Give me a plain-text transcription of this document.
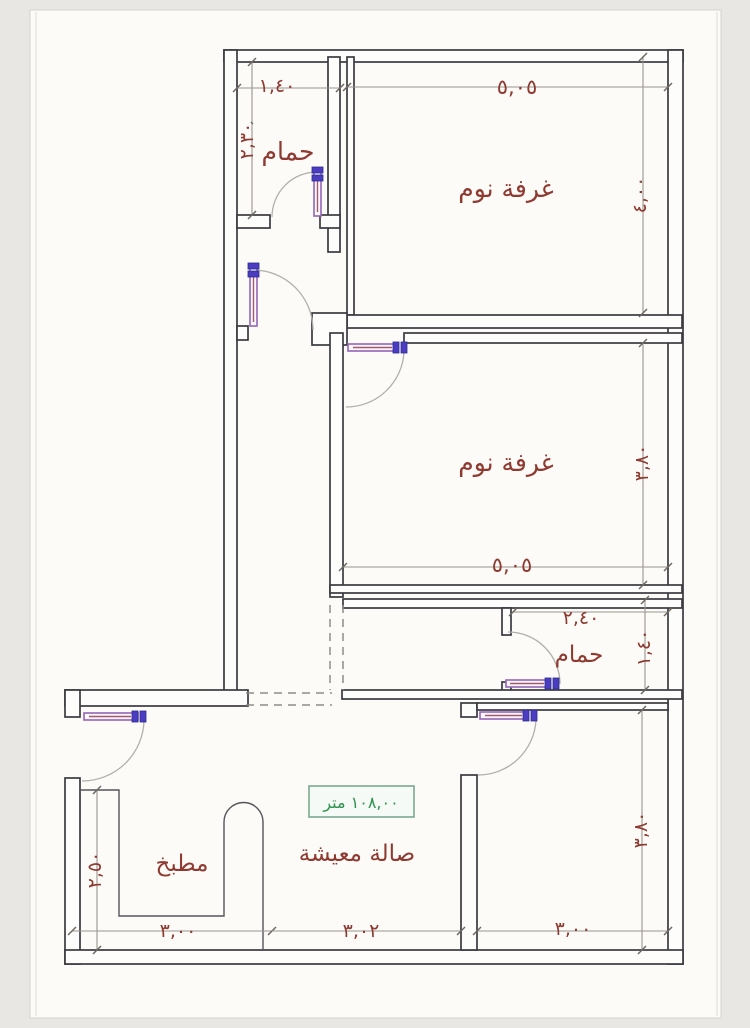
١,٤٠
٢,٣٠
٥,٠٥
٤,٠٠
٥,٠٥
٣,٨٠
٢,٤٠
١,٤٠
٢,٥٠
٣,٠٠	٣,٠٢	٣,٠٠
٣,٨٠
حمام
غرفة نوم
غرفة نوم
حمام
مطبخ	صالة معيشة
١٠٨,٠٠ متر
